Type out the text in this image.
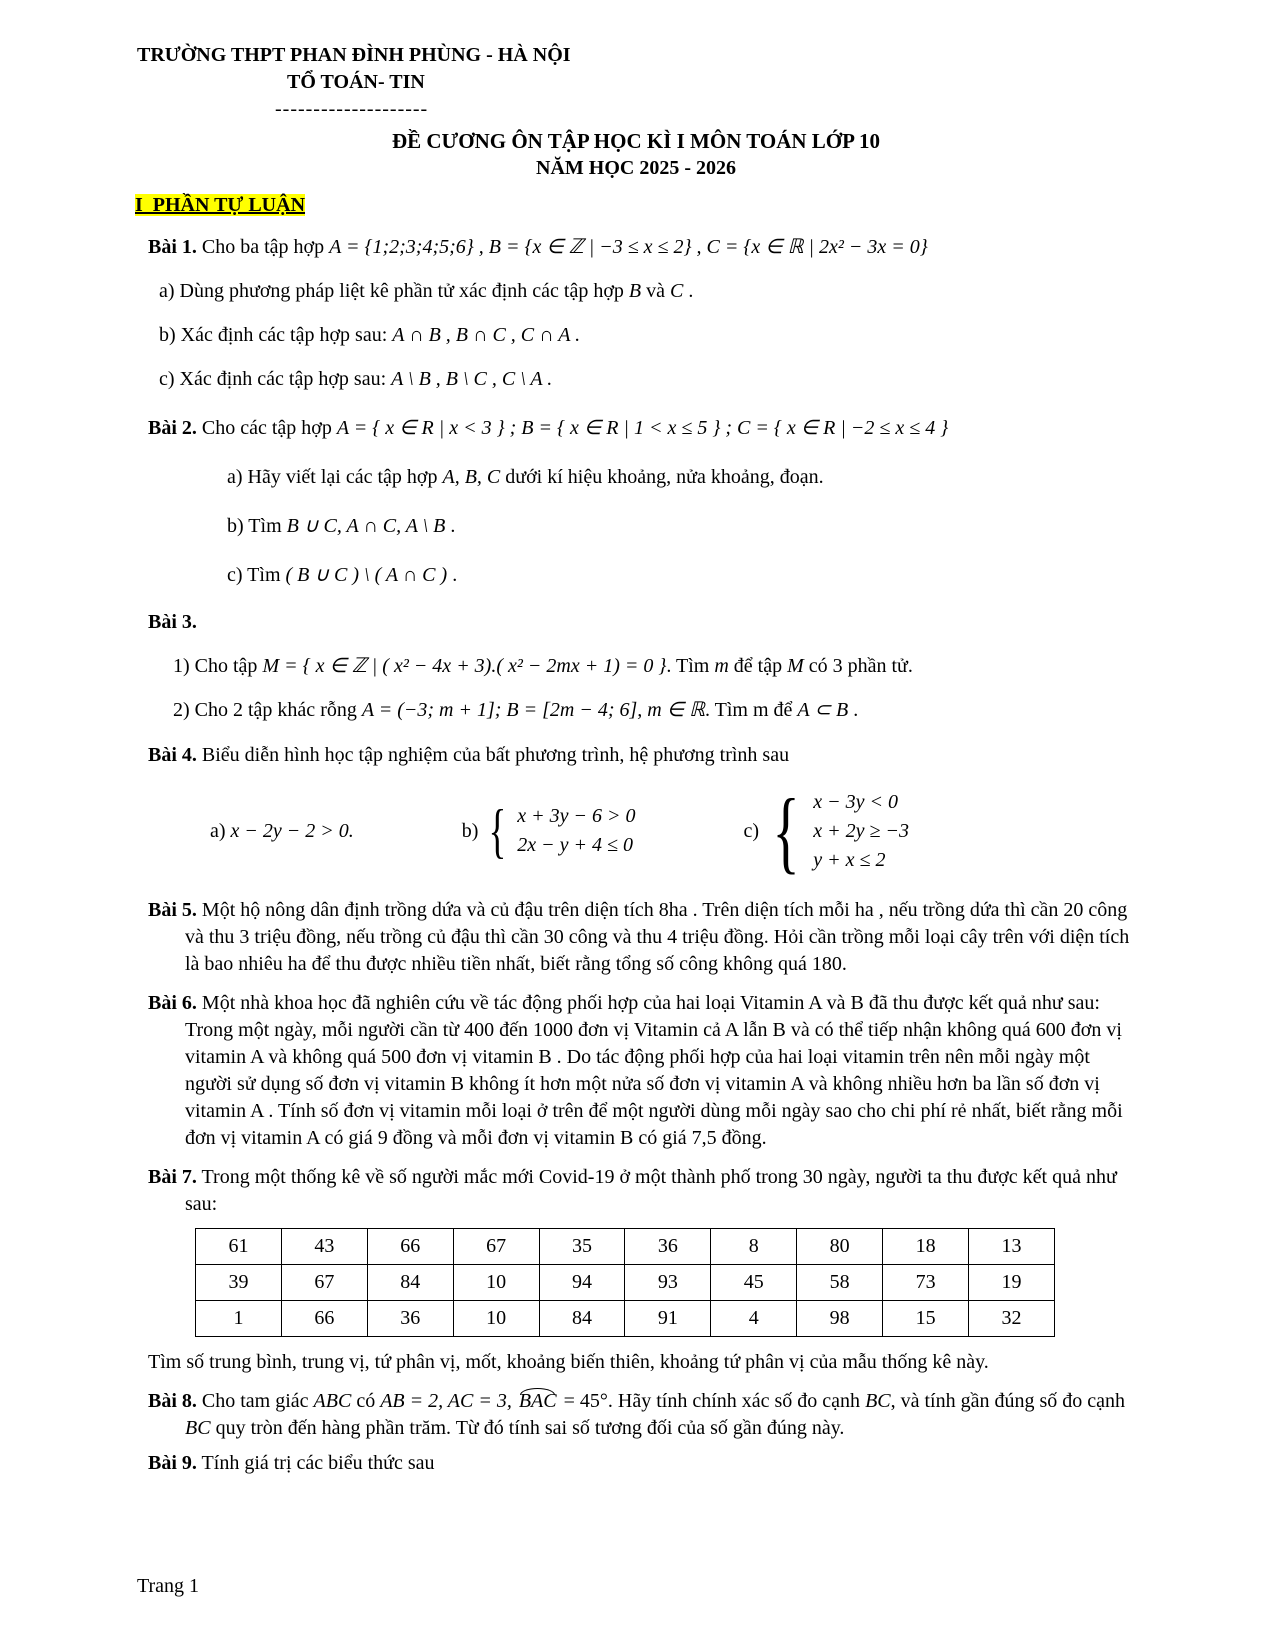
TRƯỜNG THPT PHAN ĐÌNH PHÙNG - HÀ NỘI
TỔ TOÁN- TIN
--------------------
ĐỀ CƯƠNG ÔN TẬP HỌC KÌ I MÔN TOÁN LỚP 10
NĂM HỌC 2025 - 2026
I_PHẦN TỰ LUẬN

Bài 1. Cho ba tập hợp A = {1;2;3;4;5;6} , B = {x ∈ ℤ | −3 ≤ x ≤ 2} , C = {x ∈ ℝ | 2x² − 3x = 0}

a) Dùng phương pháp liệt kê phần tử xác định các tập hợp B và C .

b) Xác định các tập hợp sau: A ∩ B , B ∩ C , C ∩ A .

c) Xác định các tập hợp sau: A \ B , B \ C , C \ A .

Bài 2. Cho các tập hợp A = { x ∈ R | x < 3 } ; B = { x ∈ R | 1 < x ≤ 5 } ; C = { x ∈ R | −2 ≤ x ≤ 4 }

a) Hãy viết lại các tập hợp A, B, C dưới kí hiệu khoảng, nửa khoảng, đoạn.

b) Tìm B ∪ C, A ∩ C, A \ B .

c) Tìm ( B ∪ C ) \ ( A ∩ C ) .

Bài 3.

1) Cho tập M = { x ∈ ℤ | ( x² − 4x + 3).( x² − 2mx + 1) = 0 }. Tìm m để tập M có 3 phần tử.

2) Cho 2 tập khác rỗng A = (−3; m + 1]; B = [2m − 4; 6], m ∈ ℝ. Tìm m để A ⊂ B .

Bài 4. Biểu diễn hình học tập nghiệm của bất phương trình, hệ phương trình sau

a) x − 2y − 2 > 0.	b) { x + 3y − 6 > 0
2x − y + 4 ≤ 0
c) { x − 3y < 0
x + 2y ≥ −3
y + x ≤ 2

Bài 5. Một hộ nông dân định trồng dứa và củ đậu trên diện tích 8ha . Trên diện tích mỗi ha , nếu trồng dứa thì cần 20 công và thu 3 triệu đồng, nếu trồng củ đậu thì cần 30 công và thu 4 triệu đồng. Hỏi cần trồng mỗi loại cây trên với diện tích là bao nhiêu ha để thu được nhiều tiền nhất, biết rằng tổng số công không quá 180.

Bài 6. Một nhà khoa học đã nghiên cứu về tác động phối hợp của hai loại Vitamin A và B đã thu được kết quả như sau: Trong một ngày, mỗi người cần từ 400 đến 1000 đơn vị Vitamin cả A lẫn B và có thể tiếp nhận không quá 600 đơn vị vitamin A và không quá 500 đơn vị vitamin B . Do tác động phối hợp của hai loại vitamin trên nên mỗi ngày một người sử dụng số đơn vị vitamin B không ít hơn một nửa số đơn vị vitamin A và không nhiều hơn ba lần số đơn vị vitamin A . Tính số đơn vị vitamin mỗi loại ở trên để một người dùng mỗi ngày sao cho chi phí rẻ nhất, biết rằng mỗi đơn vị vitamin A có giá 9 đồng và mỗi đơn vị vitamin B có giá 7,5 đồng.

Bài 7. Trong một thống kê về số người mắc mới Covid-19 ở một thành phố trong 30 ngày, người ta thu được kết quả như sau:

61	43	66	67	35	36	8	80	18	13
39	67	84	10	94	93	45	58	73	19
1	66	36	10	84	91	4	98	15	32

Tìm số trung bình, trung vị, tứ phân vị, mốt, khoảng biến thiên, khoảng tứ phân vị của mẫu thống kê này.

Bài 8. Cho tam giác ABC có AB = 2, AC = 3, BAC = 45°. Hãy tính chính xác số đo cạnh BC, và tính gần đúng số đo cạnh BC quy tròn đến hàng phần trăm. Từ đó tính sai số tương đối của số gần đúng này.

Bài 9. Tính giá trị các biểu thức sau

Trang 1
